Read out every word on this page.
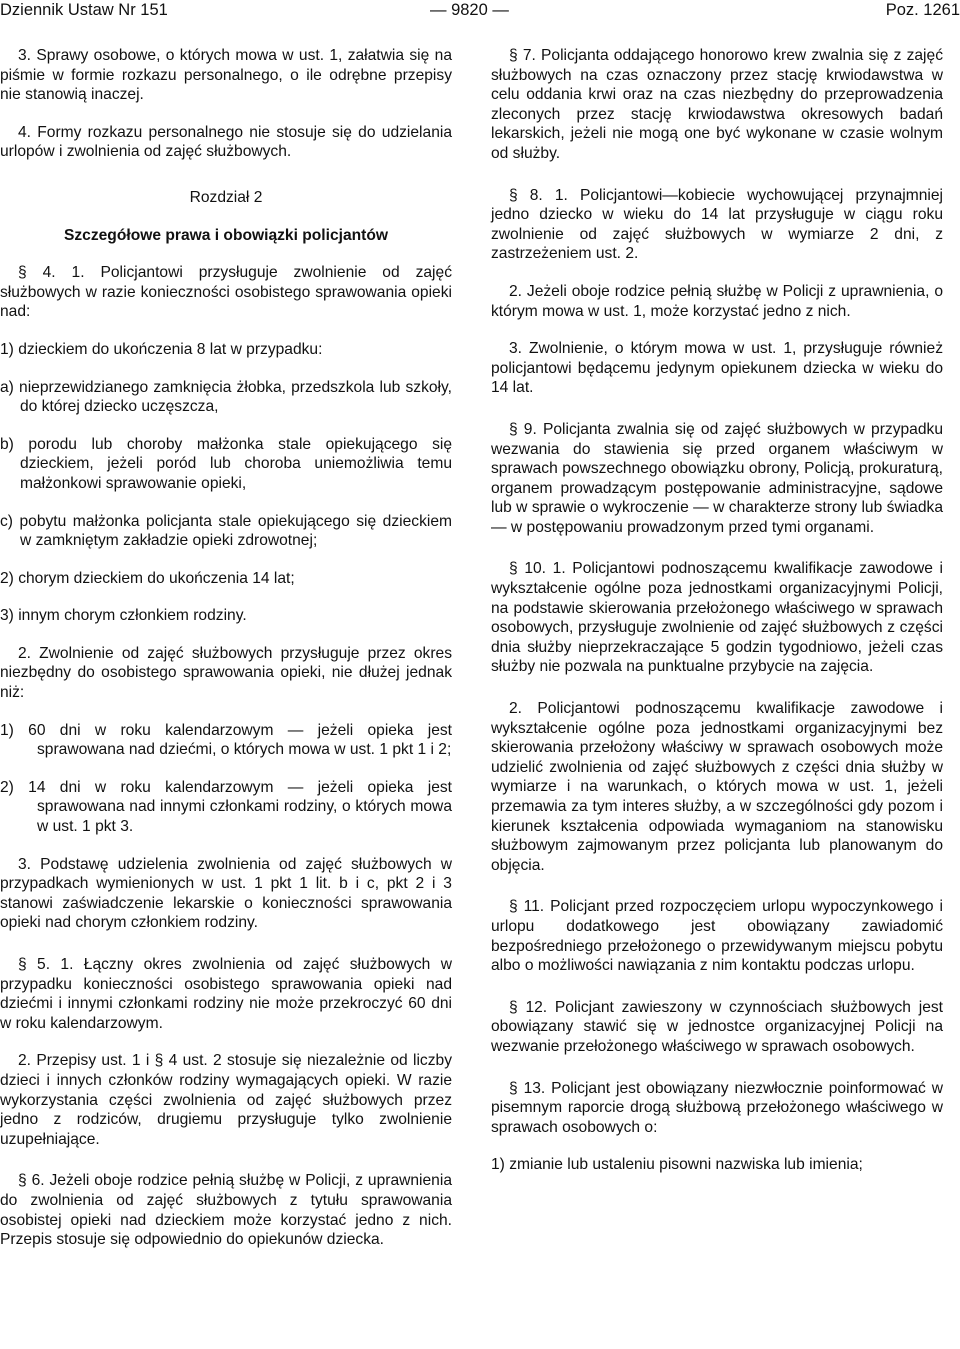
Dziennik Ustaw Nr 151	— 9820 —	Poz. 1261

3. Sprawy osobowe, o których mowa w ust. 1, załatwia się na piśmie w formie rozkazu personalnego, o ile odrębne przepisy nie stanowią inaczej.

4. Formy rozkazu personalnego nie stosuje się do udzielania urlopów i zwolnienia od zajęć służbowych.

Rozdział 2

Szczegółowe prawa i obowiązki policjantów

§ 4. 1. Policjantowi przysługuje zwolnienie od zajęć służbowych w razie konieczności osobistego sprawowania opieki nad:

1) dzieckiem do ukończenia 8 lat w przypadku:

a) nieprzewidzianego zamknięcia żłobka, przedszkola lub szkoły, do której dziecko uczęszcza,

b) porodu lub choroby małżonka stale opiekującego się dzieckiem, jeżeli poród lub choroba uniemożliwia temu małżonkowi sprawowanie opieki,

c) pobytu małżonka policjanta stale opiekującego się dzieckiem w zamkniętym zakładzie opieki zdrowotnej;

2) chorym dzieckiem do ukończenia 14 lat;

3) innym chorym członkiem rodziny.

2. Zwolnienie od zajęć służbowych przysługuje przez okres niezbędny do osobistego sprawowania opieki, nie dłużej jednak niż:

1) 60 dni w roku kalendarzowym — jeżeli opieka jest sprawowana nad dziećmi, o których mowa w ust. 1 pkt 1 i 2;

2) 14 dni w roku kalendarzowym — jeżeli opieka jest sprawowana nad innymi członkami rodziny, o których mowa w ust. 1 pkt 3.

3. Podstawę udzielenia zwolnienia od zajęć służbowych w przypadkach wymienionych w ust. 1 pkt 1 lit. b i c, pkt 2 i 3 stanowi zaświadczenie lekarskie o konieczności sprawowania opieki nad chorym członkiem rodziny.

§ 5. 1. Łączny okres zwolnienia od zajęć służbowych w przypadku konieczności osobistego sprawowania opieki nad dziećmi i innymi członkami rodziny nie może przekroczyć 60 dni w roku kalendarzowym.

2. Przepisy ust. 1 i § 4 ust. 2 stosuje się niezależnie od liczby dzieci i innych członków rodziny wymagających opieki. W razie wykorzystania części zwolnienia od zajęć służbowych przez jedno z rodziców, drugiemu przysługuje tylko zwolnienie uzupełniające.

§ 6. Jeżeli oboje rodzice pełnią służbę w Policji, z uprawnienia do zwolnienia od zajęć służbowych z tytułu sprawowania osobistej opieki nad dzieckiem może korzystać jedno z nich. Przepis stosuje się odpowiednio do opiekunów dziecka.

§ 7. Policjanta oddającego honorowo krew zwalnia się z zajęć służbowych na czas oznaczony przez stację krwiodawstwa w celu oddania krwi oraz na czas niezbędny do przeprowadzenia zleconych przez stację krwiodawstwa okresowych badań lekarskich, jeżeli nie mogą one być wykonane w czasie wolnym od służby.

§ 8. 1. Policjantowi—kobiecie wychowującej przynajmniej jedno dziecko w wieku do 14 lat przysługuje w ciągu roku zwolnienie od zajęć służbowych w wymiarze 2 dni, z zastrzeżeniem ust. 2.

2. Jeżeli oboje rodzice pełnią służbę w Policji z uprawnienia, o którym mowa w ust. 1, może korzystać jedno z nich.

3. Zwolnienie, o którym mowa w ust. 1, przysługuje również policjantowi będącemu jedynym opiekunem dziecka w wieku do 14 lat.

§ 9. Policjanta zwalnia się od zajęć służbowych w przypadku wezwania do stawienia się przed organem właściwym w sprawach powszechnego obowiązku obrony, Policją, prokuraturą, organem prowadzącym postępowanie administracyjne, sądowe lub w sprawie o wykroczenie — w charakterze strony lub świadka — w postępowaniu prowadzonym przed tymi organami.

§ 10. 1. Policjantowi podnoszącemu kwalifikacje zawodowe i wykształcenie ogólne poza jednostkami organizacyjnymi Policji, na podstawie skierowania przełożonego właściwego w sprawach osobowych, przysługuje zwolnienie od zajęć służbowych z części dnia służby nieprzekraczające 5 godzin tygodniowo, jeżeli czas służby nie pozwala na punktualne przybycie na zajęcia.

2. Policjantowi podnoszącemu kwalifikacje zawodowe i wykształcenie ogólne poza jednostkami organizacyjnymi bez skierowania przełożony właściwy w sprawach osobowych może udzielić zwolnienia od zajęć służbowych z części dnia służby w wymiarze i na warunkach, o których mowa w ust. 1, jeżeli przemawia za tym interes służby, a w szczególności gdy pozom i kierunek kształcenia odpowiada wymaganiom na stanowisku służbowym zajmowanym przez policjanta lub planowanym do objęcia.

§ 11. Policjant przed rozpoczęciem urlopu wypoczynkowego i urlopu dodatkowego jest obowiązany zawiadomić bezpośredniego przełożonego o przewidywanym miejscu pobytu albo o możliwości nawiązania z nim kontaktu podczas urlopu.

§ 12. Policjant zawieszony w czynnościach służbowych jest obowiązany stawić się w jednostce organizacyjnej Policji na wezwanie przełożonego właściwego w sprawach osobowych.

§ 13. Policjant jest obowiązany niezwłocznie poinformować w pisemnym raporcie drogą służbową przełożonego właściwego w sprawach osobowych o:

1) zmianie lub ustaleniu pisowni nazwiska lub imienia;
